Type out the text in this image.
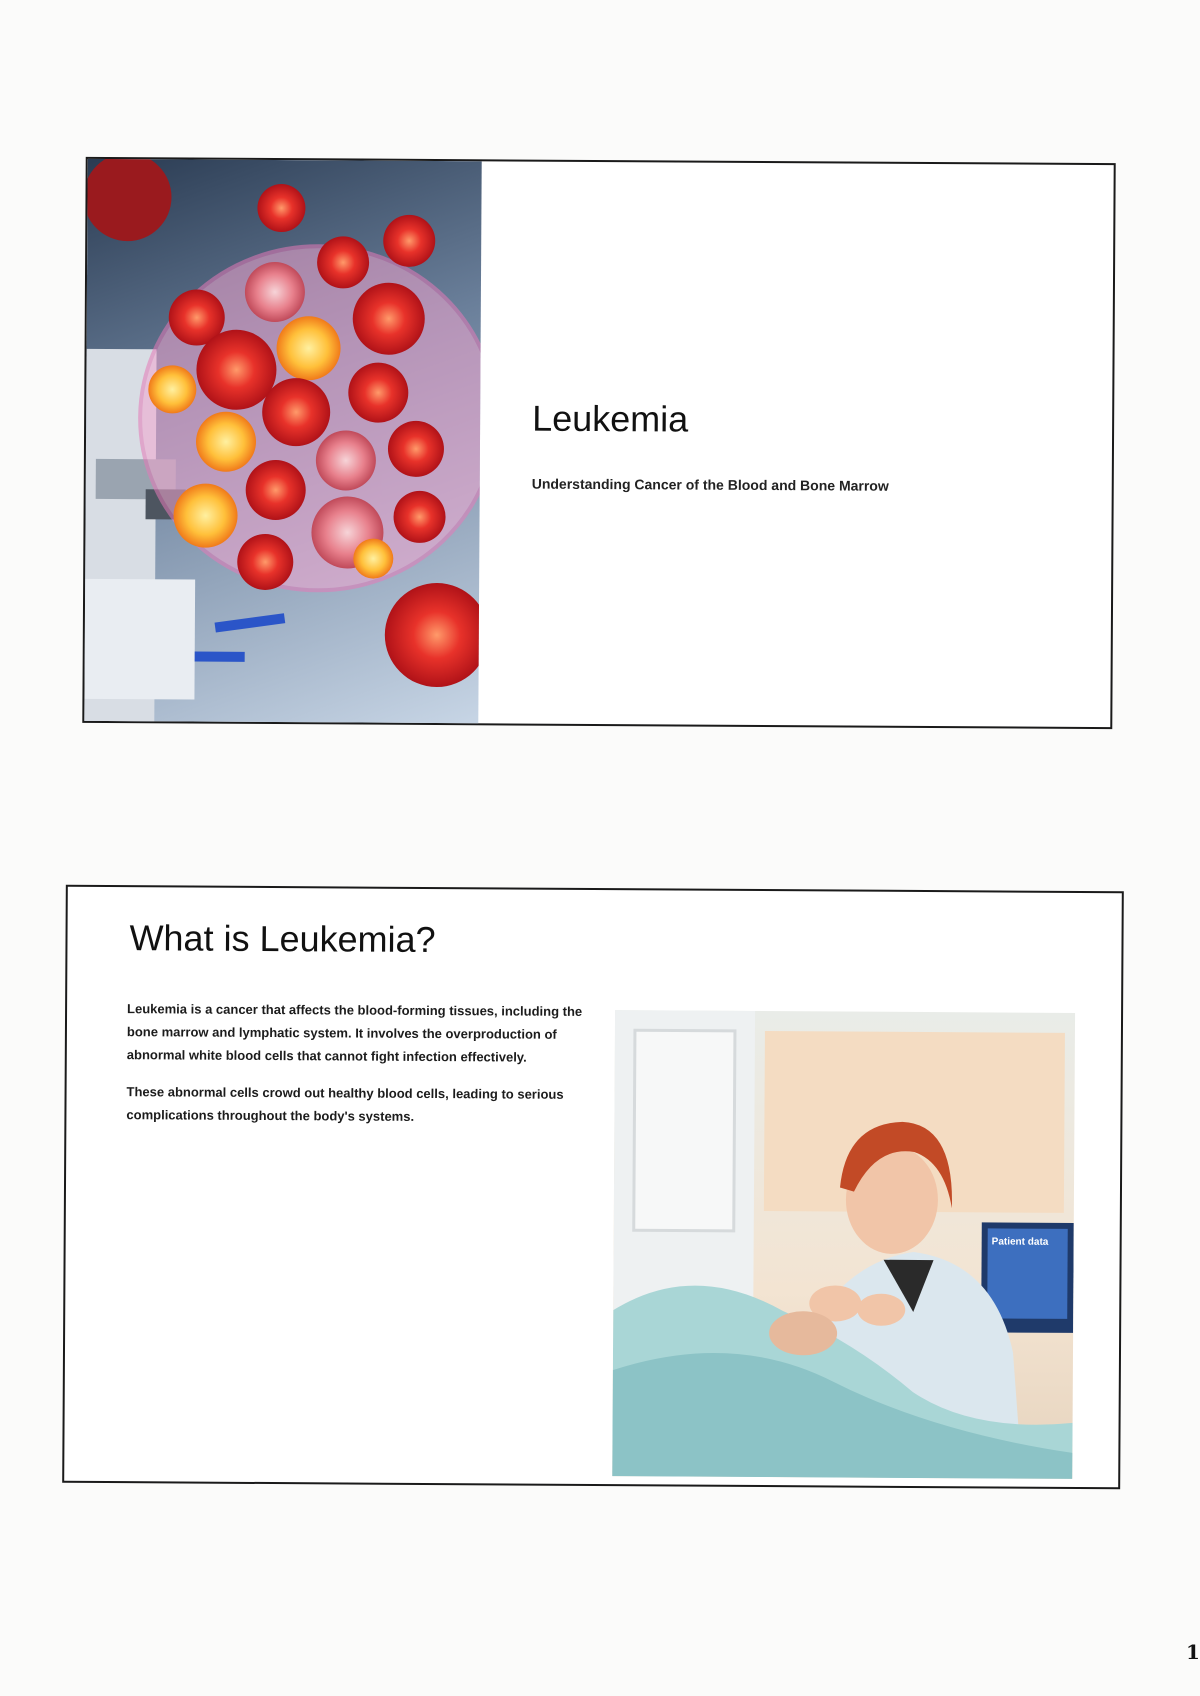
Leukemia

Understanding Cancer of the Blood and Bone Marrow

What is Leukemia?

Leukemia is a cancer that affects the blood-forming tissues, including the bone marrow and lymphatic system. It involves the overproduction of abnormal white blood cells that cannot fight infection effectively.

These abnormal cells crowd out healthy blood cells, leading to serious complications throughout the body's systems.

Patient data
1
